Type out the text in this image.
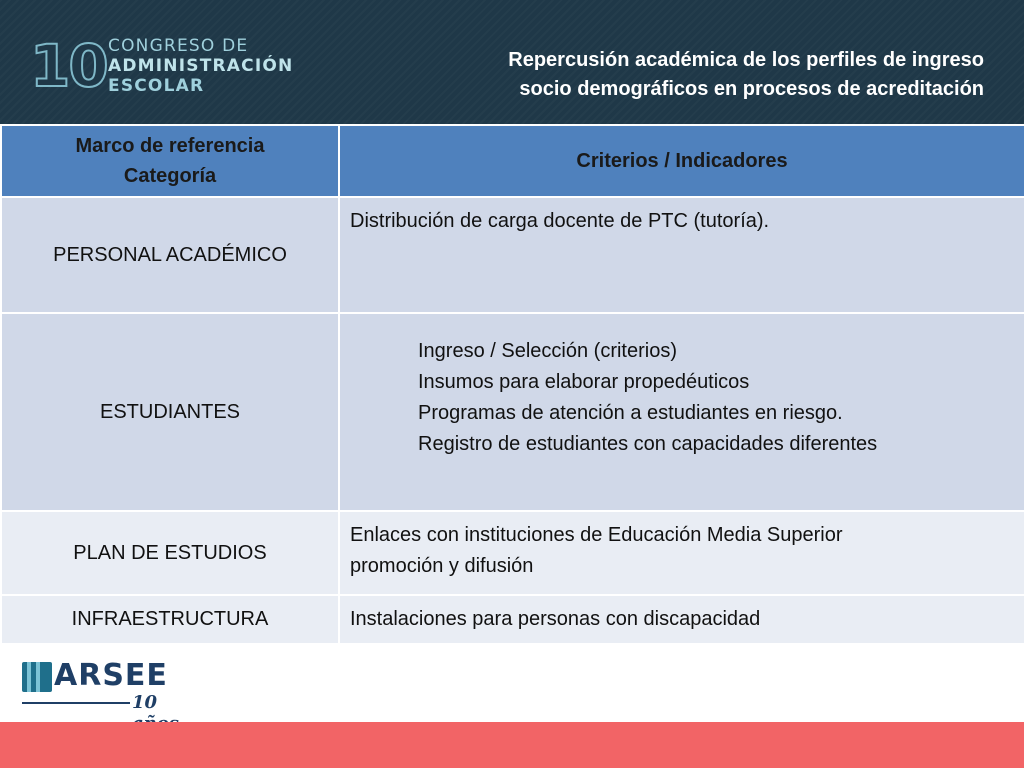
10 CONGRESO DE
ADMINISTRACIÓN
ESCOLAR
Repercusión académica de los perfiles de ingreso
socio demográficos en procesos de acreditación
Marco de referencia
Categoría	Criterios / Indicadores
PERSONAL ACADÉMICO	Distribución de carga docente de PTC (tutoría).

ESTUDIANTES	Ingreso / Selección (criterios)
Insumos para elaborar propedéuticos
Programas de atención a estudiantes en riesgo.
Registro de estudiantes con capacidades diferentes

PLAN DE ESTUDIOS	Enlaces con instituciones de Educación Media Superior
promoción y difusión

INFRAESTRUCTURA	Instalaciones para personas con discapacidad
ARSEE
10
